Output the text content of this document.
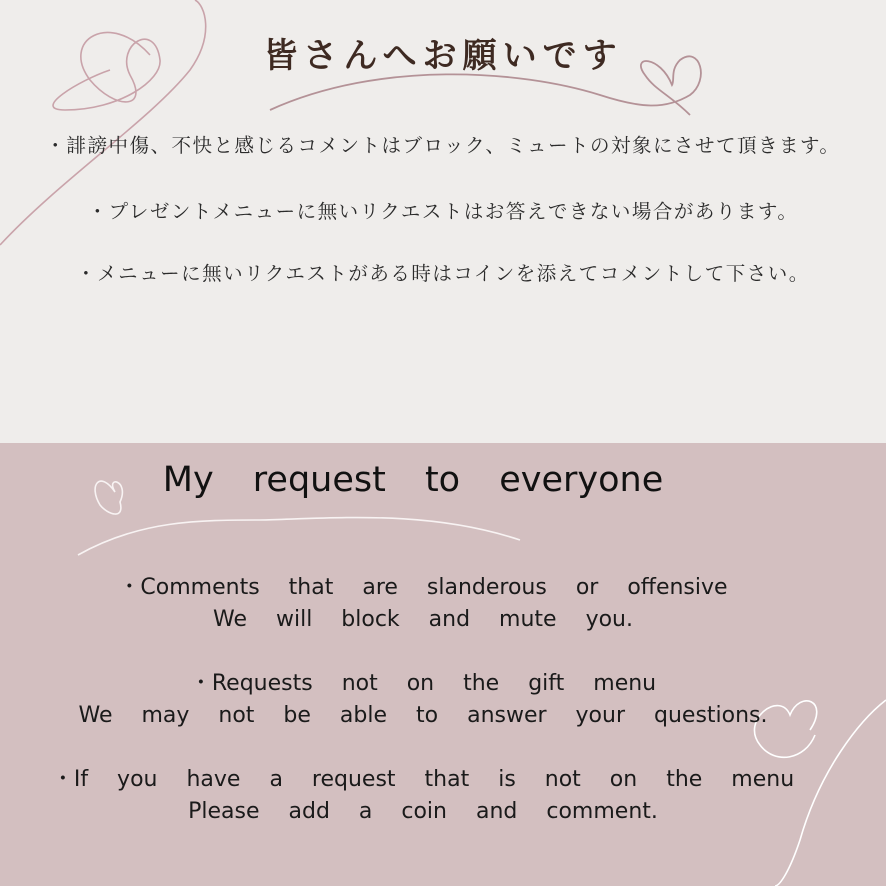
皆さんへお願いです
・誹謗中傷、不快と感じるコメントはブロック、ミュートの対象にさせて頂きます。
・プレゼントメニューに無いリクエストはお答えできない場合があります。
・メニューに無いリクエストがある時はコインを添えてコメントして下さい。
My request to everyone
・Comments that are slanderous or offensive
We will block and mute you.
・Requests not on the gift menu
We may not be able to answer your questions.
・If you have a request that is not on the menu
Please add a coin and comment.
